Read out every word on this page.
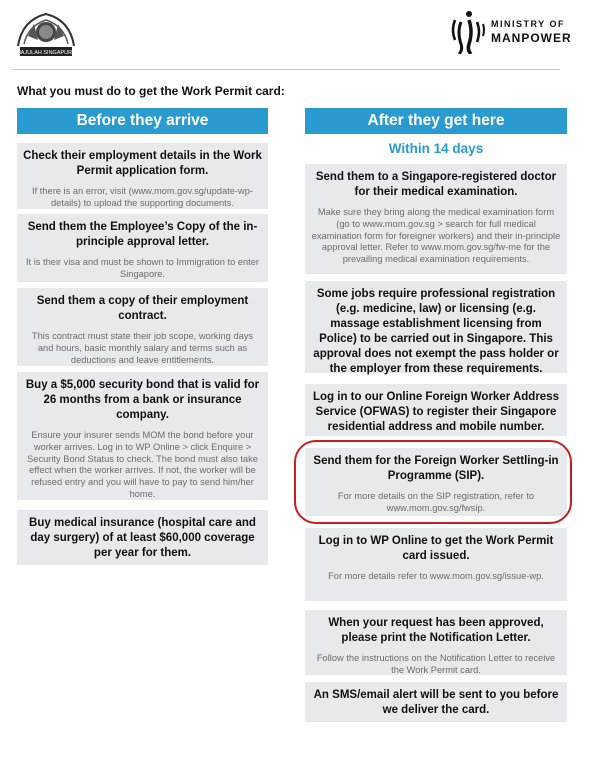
MAJULAH SINGAPURA
MINISTRY OF
MANPOWER
What you must do to get the Work Permit card:
Before they arrive
Check their employment details in the Work Permit application form.
If there is an error, visit (www.mom.gov.sg/update-wp-details) to upload the supporting documents.
Send them the Employee’s Copy of the in-principle approval letter.
It is their visa and must be shown to Immigration to enter Singapore.
Send them a copy of their employment contract.
This contract must state their job scope, working days and hours, basic monthly salary and terms such as deductions and leave entitlements.
Buy a $5,000 security bond that is valid for 26 months from a bank or insurance company.
Ensure your insurer sends MOM the bond before your worker arrives. Log in to WP Online > click Enquire > Security Bond Status to check. The bond must also take effect when the worker arrives. If not, the worker will be refused entry and you will have to pay to send him/her home.
Buy medical insurance (hospital care and day surgery) of at least $60,000 coverage per year for them.
After they get here
Within 14 days
Send them to a Singapore-registered doctor for their medical examination.
Make sure they bring along the medical examination form (go to www.mom.gov.sg > search for full medical examination form for foreigner workers) and their in-principle approval letter. Refer to www.mom.gov.sg/fw-me for the prevailing medical examination requirements.
Some jobs require professional registration (e.g. medicine, law) or licensing (e.g. massage establishment licensing from Police) to be carried out in Singapore. This approval does not exempt the pass holder or the employer from these requirements.
Log in to our Online Foreign Worker Address Service (OFWAS) to register their Singapore residential address and mobile number.
Send them for the Foreign Worker Settling-in Programme (SIP).
For more details on the SIP registration, refer to www.mom.gov.sg/fwsip.
Log in to WP Online to get the Work Permit card issued.
For more details refer to www.mom.gov.sg/issue-wp.
When your request has been approved, please print the Notification Letter.
Follow the instructions on the Notification Letter to receive the Work Permit card.
An SMS/email alert will be sent to you before we deliver the card.
